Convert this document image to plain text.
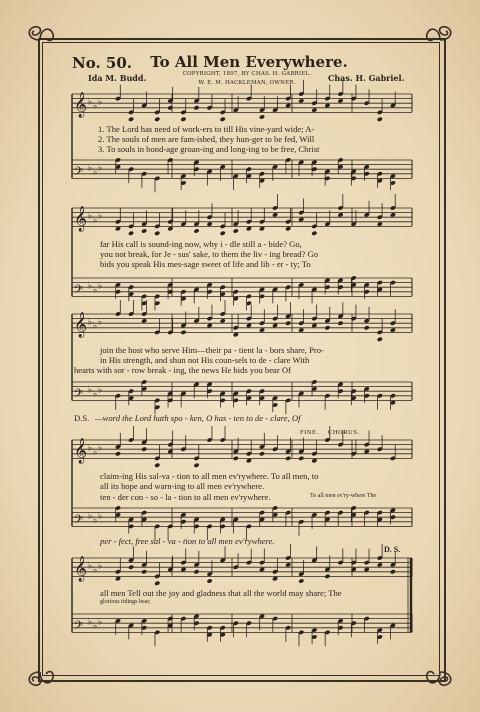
No. 50.	To All Men Everywhere.
Ida M. Budd.	Chas. H. Gabriel.
COPYRIGHT, 1897, BY CHAS. H. GABRIEL.
W. E. M. HACKLEMAN, OWNER.
𝄞 ♭ ♭ ♭
𝄢 ♭ ♭ ♭
𝄞 ♭ ♭ ♭
𝄢 ♭ ♭ ♭
𝄞 ♭ ♭ ♭
𝄢 ♭ ♭ ♭
𝄞 ♭ ♭ ♭
𝄢 ♭ ♭ ♭
𝄞 ♭ ♭ ♭
𝄢 ♭ ♭ ♭
1. The Lord has need of work-ers to till His vine-yard wide; A-
2. The souls of men are fam-ished, they hun-ger to be fed, Will
3. To souls in bond-age groan-ing and long-ing to be free, Christ
far His call is sound-ing now, why i - dle still a - bide? Go,
you not break, for Je - sus' sake, to them the liv - ing bread? Go
bids you speak His mes-sage sweet of life and lib - er - ty; To
join the host who serve Him—their pa - tient la - bors share, Pro-
in His strength, and shun not His coun-sels to de - clare With
hearts with sor - row break - ing, the news He bids you bear Of
D.S. —word the Lord hath spo - ken, O has - ten to de - clare, Of
FINE. CHORUS.
claim-ing His sal-va - tion to all men ev'rywhere. To all men, to
all its hope and warn-ing to all men ev'rywhere.
ten - der con - so - la - tion to all men ev'rywhere.	To all men ev'ry-where The
per - fect, free sal - va - tion to all men ev'rywhere.
D. S.
all men Tell out the joy and gladness that all the world may share; The
glorious tidings bear,
